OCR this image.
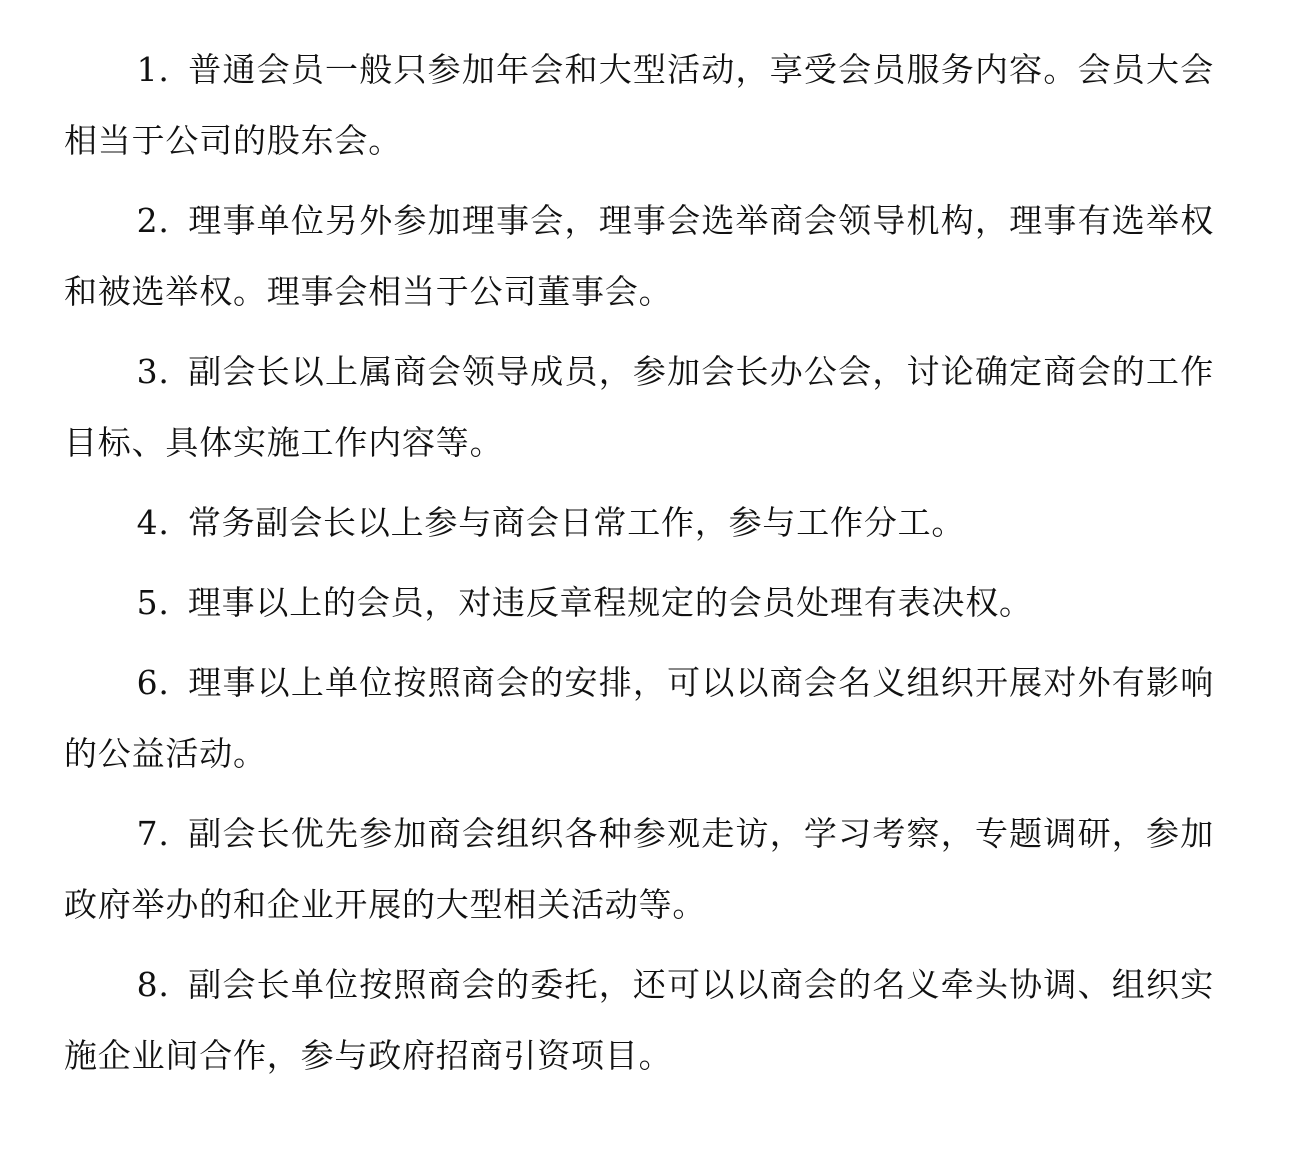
1. 普通会员一般只参加年会和大型活动，享受会员服务内容。会员大会相当于公司的股东会。

2. 理事单位另外参加理事会，理事会选举商会领导机构，理事有选举权和被选举权。理事会相当于公司董事会。

3. 副会长以上属商会领导成员，参加会长办公会，讨论确定商会的工作目标、具体实施工作内容等。

4. 常务副会长以上参与商会日常工作，参与工作分工。

5. 理事以上的会员，对违反章程规定的会员处理有表决权。

6. 理事以上单位按照商会的安排，可以以商会名义组织开展对外有影响的公益活动。

7. 副会长优先参加商会组织各种参观走访，学习考察，专题调研，参加政府举办的和企业开展的大型相关活动等。

8. 副会长单位按照商会的委托，还可以以商会的名义牵头协调、组织实施企业间合作，参与政府招商引资项目。
